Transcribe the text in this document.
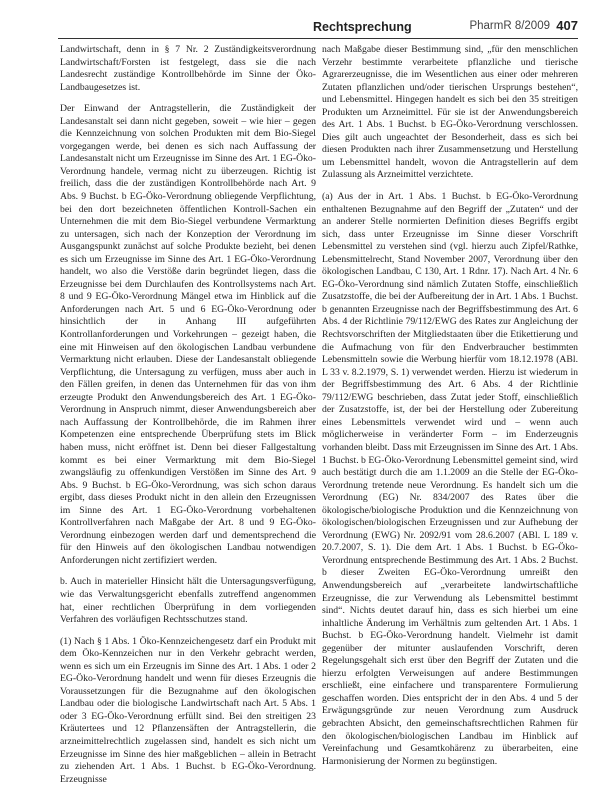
Rechtsprechung	PharmR 8/2009 407

Landwirtschaft, denn in § 7 Nr. 2 Zuständigkeitsverordnung Landwirtschaft/Forsten ist festgelegt, dass sie die nach Landesrecht zuständige Kontrollbehörde im Sinne der Öko-Landbaugesetzes ist.

Der Einwand der Antragstellerin, die Zuständigkeit der Landesanstalt sei dann nicht gegeben, soweit – wie hier – gegen die Kennzeichnung von solchen Produkten mit dem Bio-Siegel vorgegangen werde, bei denen es sich nach Auffassung der Landesanstalt nicht um Erzeugnisse im Sinne des Art. 1 EG-Öko-Verordnung handele, vermag nicht zu überzeugen. Richtig ist freilich, dass die der zuständigen Kontrollbehörde nach Art. 9 Abs. 9 Buchst. b EG-Öko-Verordnung obliegende Verpflichtung, bei den dort bezeichneten öffentlichen Kontroll-Sachen ein Unternehmen die mit dem Bio-Siegel verbundene Vermarktung zu untersagen, sich nach der Konzeption der Verordnung im Ausgangspunkt zunächst auf solche Produkte bezieht, bei denen es sich um Erzeugnisse im Sinne des Art. 1 EG-Öko-Verordnung handelt, wo also die Verstöße darin begründet liegen, dass die Erzeugnisse bei dem Durchlaufen des Kontrollsystems nach Art. 8 und 9 EG-Öko-Verordnung Mängel etwa im Hinblick auf die Anforderungen nach Art. 5 und 6 EG-Öko-Verordnung oder hinsichtlich der in Anhang III aufgeführten Kontrollanforderungen und Vorkehrungen – gezeigt haben, die eine mit Hinweisen auf den ökologischen Landbau verbundene Vermarktung nicht erlauben. Diese der Landesanstalt obliegende Verpflichtung, die Untersagung zu verfügen, muss aber auch in den Fällen greifen, in denen das Unternehmen für das von ihm erzeugte Produkt den Anwendungsbereich des Art. 1 EG-Öko-Verordnung in Anspruch nimmt, dieser Anwendungsbereich aber nach Auffassung der Kontrollbehörde, die im Rahmen ihrer Kompetenzen eine entsprechende Überprüfung stets im Blick haben muss, nicht eröffnet ist. Denn bei dieser Fallgestaltung kommt es bei einer Vermarktung mit dem Bio-Siegel zwangsläufig zu offenkundigen Verstößen im Sinne des Art. 9 Abs. 9 Buchst. b EG-Öko-Verordnung, was sich schon daraus ergibt, dass dieses Produkt nicht in den allein den Erzeugnissen im Sinne des Art. 1 EG-Öko-Verordnung vorbehaltenen Kontrollverfahren nach Maßgabe der Art. 8 und 9 EG-Öko-Verordnung einbezogen werden darf und dementsprechend die für den Hinweis auf den ökologischen Landbau notwendigen Anforderungen nicht zertifiziert werden.

b. Auch in materieller Hinsicht hält die Untersagungsverfügung, wie das Verwaltungsgericht ebenfalls zutreffend angenommen hat, einer rechtlichen Überprüfung in dem vorliegenden Verfahren des vorläufigen Rechtsschutzes stand.

(1) Nach § 1 Abs. 1 Öko-Kennzeichengesetz darf ein Produkt mit dem Öko-Kennzeichen nur in den Verkehr gebracht werden, wenn es sich um ein Erzeugnis im Sinne des Art. 1 Abs. 1 oder 2 EG-Öko-Verordnung handelt und wenn für dieses Erzeugnis die Voraussetzungen für die Bezugnahme auf den ökologischen Landbau oder die biologische Landwirtschaft nach Art. 5 Abs. 1 oder 3 EG-Öko-Verordnung erfüllt sind. Bei den streitigen 23 Kräutertees und 12 Pflanzensäften der Antragstellerin, die arzneimittelrechtlich zugelassen sind, handelt es sich nicht um Erzeugnisse im Sinne des hier maßgeblichen – allein in Betracht zu ziehenden Art. 1 Abs. 1 Buchst. b EG-Öko-Verordnung. Erzeugnisse

nach Maßgabe dieser Bestimmung sind, „für den menschlichen Verzehr bestimmte verarbeitete pflanzliche und tierische Agrarerzeugnisse, die im Wesentlichen aus einer oder mehreren Zutaten pflanzlichen und/oder tierischen Ursprungs bestehen“, und Lebensmittel. Hingegen handelt es sich bei den 35 streitigen Produkten um Arzneimittel. Für sie ist der Anwendungsbereich des Art. 1 Abs. 1 Buchst. b EG-Öko-Verordnung verschlossen. Dies gilt auch ungeachtet der Besonderheit, dass es sich bei diesen Produkten nach ihrer Zusammensetzung und Herstellung um Lebensmittel handelt, wovon die Antragstellerin auf dem Zulassung als Arzneimittel verzichtete.

(a) Aus der in Art. 1 Abs. 1 Buchst. b EG-Öko-Verordnung enthaltenen Bezugnahme auf den Begriff der „Zutaten“ und der an anderer Stelle normierten Definition dieses Begriffs ergibt sich, dass unter Erzeugnisse im Sinne dieser Vorschrift Lebensmittel zu verstehen sind (vgl. hierzu auch Zipfel/Rathke, Lebensmittelrecht, Stand November 2007, Verordnung über den ökologischen Landbau, C 130, Art. 1 Rdnr. 17). Nach Art. 4 Nr. 6 EG-Öko-Verordnung sind nämlich Zutaten Stoffe, einschließlich Zusatzstoffe, die bei der Aufbereitung der in Art. 1 Abs. 1 Buchst. b genannten Erzeugnisse nach der Begriffsbestimmung des Art. 6 Abs. 4 der Richtlinie 79/112/EWG des Rates zur Angleichung der Rechtsvorschriften der Mitgliedstaaten über die Etikettierung und die Aufmachung von für den Endverbraucher bestimmten Lebensmitteln sowie die Werbung hierfür vom 18.12.1978 (ABl. L 33 v. 8.2.1979, S. 1) verwendet werden. Hierzu ist wiederum in der Begriffsbestimmung des Art. 6 Abs. 4 der Richtlinie 79/112/EWG beschrieben, dass Zutat jeder Stoff, einschließlich der Zusatzstoffe, ist, der bei der Herstellung oder Zubereitung eines Lebensmittels verwendet wird und – wenn auch möglicherweise in veränderter Form – im Enderzeugnis vorhanden bleibt. Dass mit Erzeugnissen im Sinne des Art. 1 Abs. 1 Buchst. b EG-Öko-Verordnung Lebensmittel gemeint sind, wird auch bestätigt durch die am 1.1.2009 an die Stelle der EG-Öko-Verordnung tretende neue Verordnung. Es handelt sich um die Verordnung (EG) Nr. 834/2007 des Rates über die ökologische/biologische Produktion und die Kennzeichnung von ökologischen/biologischen Erzeugnissen und zur Aufhebung der Verordnung (EWG) Nr. 2092/91 vom 28.6.2007 (ABl. L 189 v. 20.7.2007, S. 1). Die dem Art. 1 Abs. 1 Buchst. b EG-Öko-Verordnung entsprechende Bestimmung des Art. 1 Abs. 2 Buchst. b dieser Zweiten EG-Öko-Verordnung umreißt den Anwendungsbereich auf „verarbeitete landwirtschaftliche Erzeugnisse, die zur Verwendung als Lebensmittel bestimmt sind“. Nichts deutet darauf hin, dass es sich hierbei um eine inhaltliche Änderung im Verhältnis zum geltenden Art. 1 Abs. 1 Buchst. b EG-Öko-Verordnung handelt. Vielmehr ist damit gegenüber der mitunter auslaufenden Vorschrift, deren Regelungsgehalt sich erst über den Begriff der Zutaten und die hierzu erfolgten Verweisungen auf andere Bestimmungen erschließt, eine einfachere und transparentere Formulierung geschaffen worden. Dies entspricht der in den Abs. 4 und 5 der Erwägungsgründe zur neuen Verordnung zum Ausdruck gebrachten Absicht, den gemeinschaftsrechtlichen Rahmen für den ökologischen/biologischen Landbau im Hinblick auf Vereinfachung und Gesamtkohärenz zu überarbeiten, eine Harmonisierung der Normen zu begünstigen.
